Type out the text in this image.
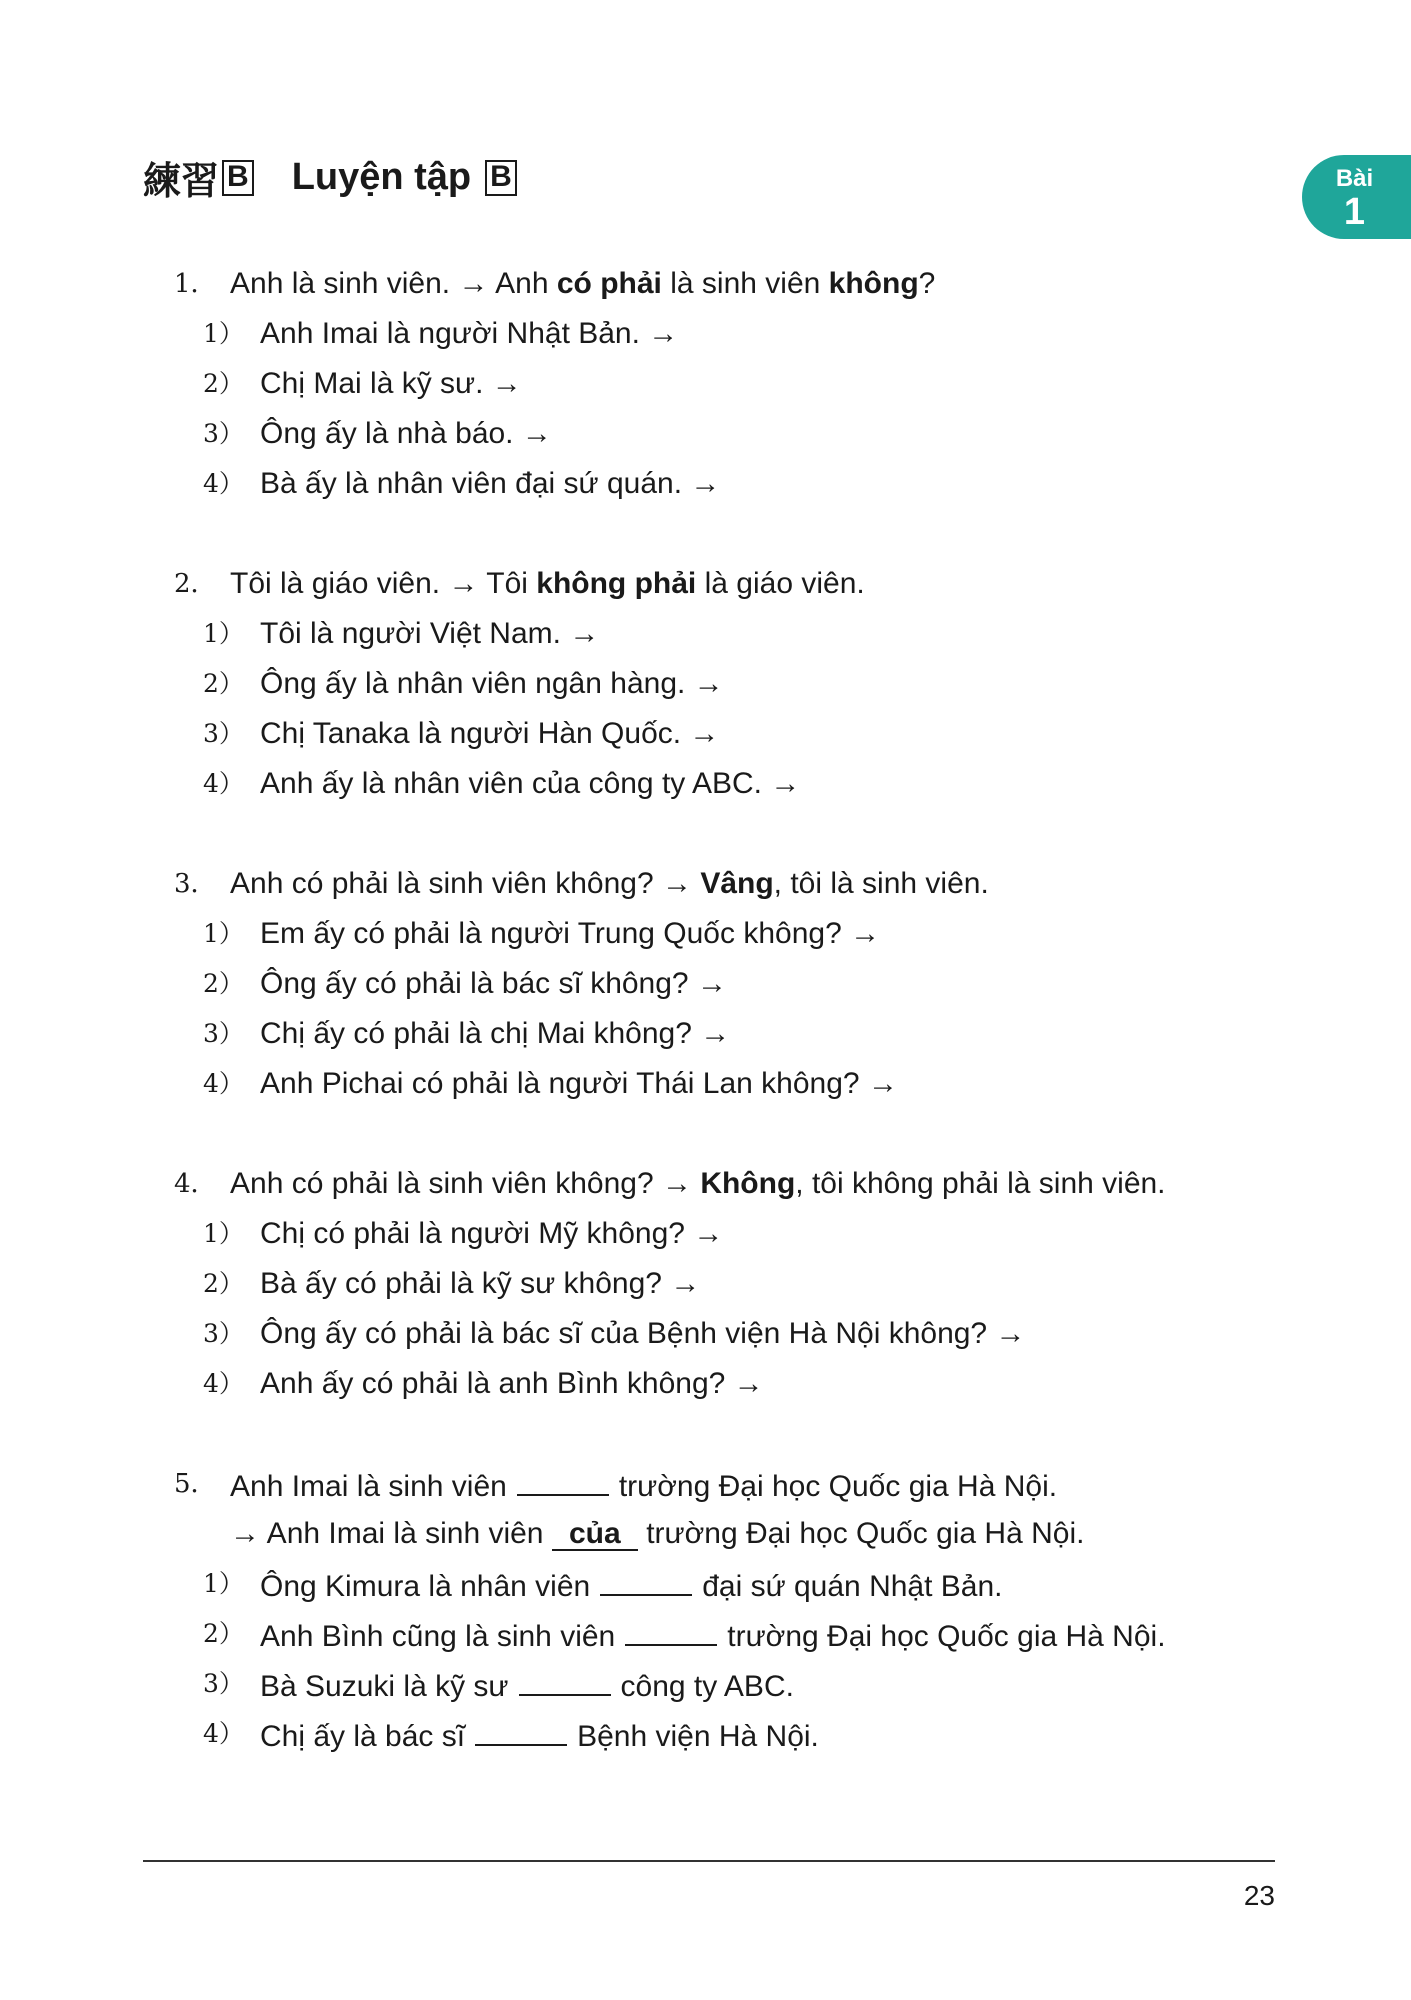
練習 B Luyện tập B	Bài
1
1． Anh là sinh viên. → Anh có phải là sinh viên không?
1） Anh Imai là người Nhật Bản. →
2） Chị Mai là kỹ sư. →
3） Ông ấy là nhà báo. →
4） Bà ấy là nhân viên đại sứ quán. →
2． Tôi là giáo viên. → Tôi không phải là giáo viên.
1） Tôi là người Việt Nam. →
2） Ông ấy là nhân viên ngân hàng. →
3） Chị Tanaka là người Hàn Quốc. →
4） Anh ấy là nhân viên của công ty ABC. →
3． Anh có phải là sinh viên không? → Vâng, tôi là sinh viên.
1） Em ấy có phải là người Trung Quốc không? →
2） Ông ấy có phải là bác sĩ không? →
3） Chị ấy có phải là chị Mai không? →
4） Anh Pichai có phải là người Thái Lan không? →
4． Anh có phải là sinh viên không? → Không, tôi không phải là sinh viên.
1） Chị có phải là người Mỹ không? →
2） Bà ấy có phải là kỹ sư không? →
3） Ông ấy có phải là bác sĩ của Bệnh viện Hà Nội không? →
4） Anh ấy có phải là anh Bình không? →
5． Anh Imai là sinh viên	trường Đại học Quốc gia Hà Nội.
→ Anh Imai là sinh viên của trường Đại học Quốc gia Hà Nội.
1） Ông Kimura là nhân viên	đại sứ quán Nhật Bản.
2） Anh Bình cũng là sinh viên	trường Đại học Quốc gia Hà Nội.
3） Bà Suzuki là kỹ sư	công ty ABC.
4） Chị ấy là bác sĩ	Bệnh viện Hà Nội.
23
